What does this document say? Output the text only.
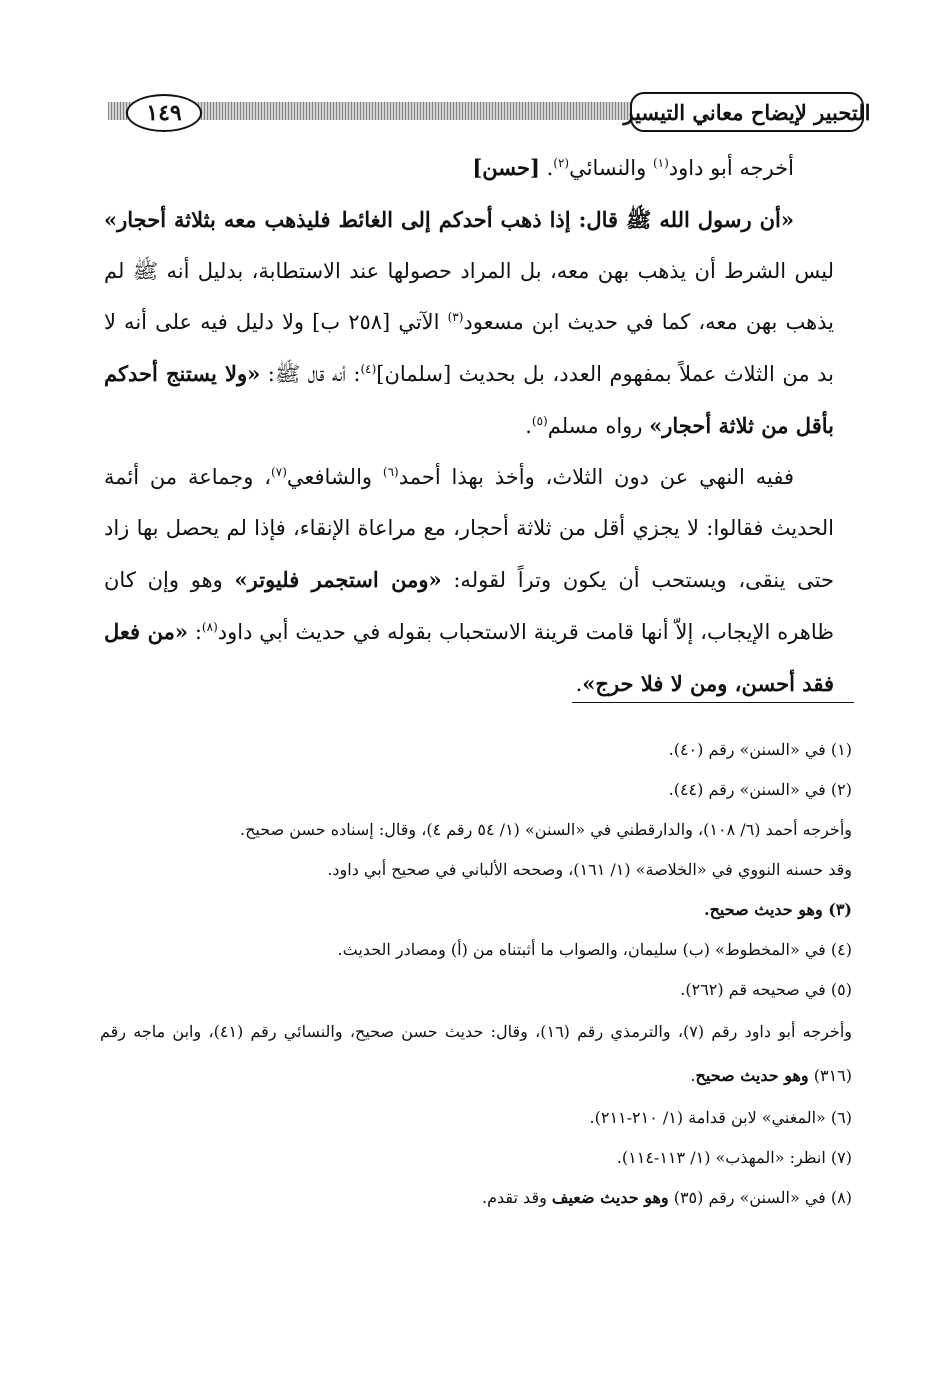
١٤٩	التحبير لإيضاح معاني التيسير

أخرجه أبو داود$^{(١)}$ والنسائي$^{(٢)}$. [حسن]

«أن رسول الله ﷺ قال: إذا ذهب أحدكم إلى الغائط فليذهب معه بثلاثة أحجار» ليس الشرط أن يذهب بهن معه، بل المراد حصولها عند الاستطابة، بدليل أنه ﷺ لم يذهب بهن معه، كما في حديث ابن مسعود$^{(٣)}$ الآتي [٢٥٨ ب] ولا دليل فيه على أنه لا بد من الثلاث عملاً بمفهوم العدد، بل بحديث [سلمان]$^{(٤)}$: أنه قال ﷺ: «ولا يستنج أحدكم بأقل من ثلاثة أحجار» رواه مسلم$^{(٥)}$.

ففيه النهي عن دون الثلاث، وأخذ بهذا أحمد$^{(٦)}$ والشافعي$^{(٧)}$، وجماعة من أئمة الحديث فقالوا: لا يجزي أقل من ثلاثة أحجار، مع مراعاة الإنقاء، فإذا لم يحصل بها زاد حتى ينقى، ويستحب أن يكون وتراً لقوله: «ومن استجمر فليوتر» وهو وإن كان ظاهره الإيجاب، إلاّ أنها قامت قرينة الاستحباب بقوله في حديث أبي داود$^{(٨)}$: «من فعل فقد أحسن، ومن لا فلا حرج».

(١) في «السنن» رقم (٤٠).

(٢) في «السنن» رقم (٤٤).

وأخرجه أحمد (٦/ ١٠٨)، والدارقطني في «السنن» (١/ ٥٤ رقم ٤)، وقال: إسناده حسن صحيح.

وقد حسنه النووي في «الخلاصة» (١/ ١٦١)، وصححه الألباني في صحيح أبي داود.

(٣) وهو حديث صحيح.

(٤) في «المخطوط» (ب) سليمان، والصواب ما أثبتناه من (أ) ومصادر الحديث.

(٥) في صحيحه قم (٢٦٢).

وأخرجه أبو داود رقم (٧)، والترمذي رقم (١٦)، وقال: حديث حسن صحيح، والنسائي رقم (٤١)، وابن ماجه رقم (٣١٦) وهو حديث صحيح.

(٦) «المغني» لابن قدامة (١/ ٢١٠-٢١١).

(٧) انظر: «المهذب» (١/ ١١٣-١١٤).

(٨) في «السنن» رقم (٣٥) وهو حديث ضعيف وقد تقدم.
